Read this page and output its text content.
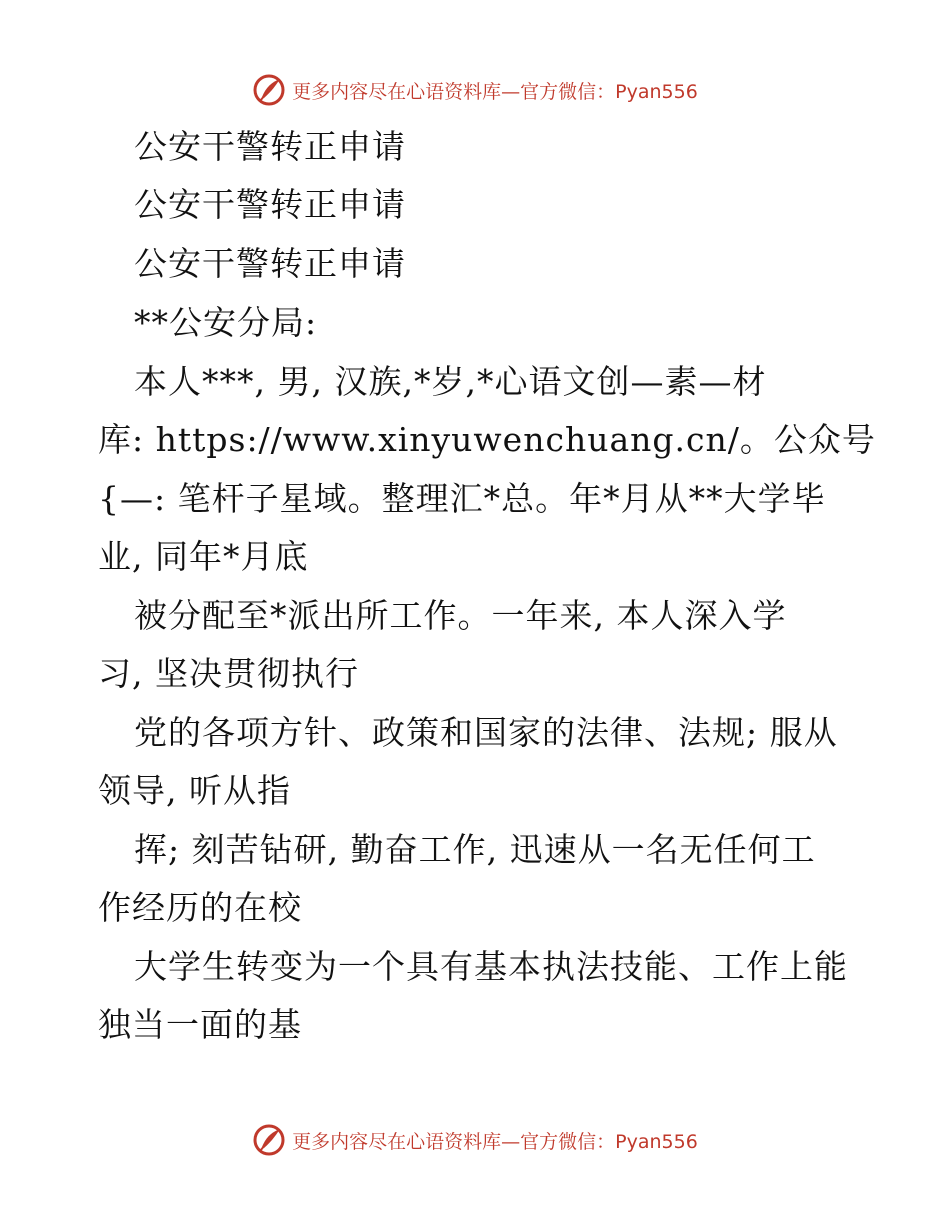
更多内容尽在心语资料库—官方微信：Pyan556
公安干警转正申请
公安干警转正申请
公安干警转正申请
**公安分局:
本人***, 男, 汉族,*岁,*心语文创—素—材
库: https://www.xinyuwenchuang.cn/。公众号
{—: 笔杆子星域。整理汇*总。年*月从**大学毕
业, 同年*月底
被分配至*派出所工作。一年来, 本人深入学
习, 坚决贯彻执行
党的各项方针、政策和国家的法律、法规; 服从
领导, 听从指
挥; 刻苦钻研, 勤奋工作, 迅速从一名无任何工
作经历的在校
大学生转变为一个具有基本执法技能、工作上能
独当一面的基
更多内容尽在心语资料库—官方微信：Pyan556
